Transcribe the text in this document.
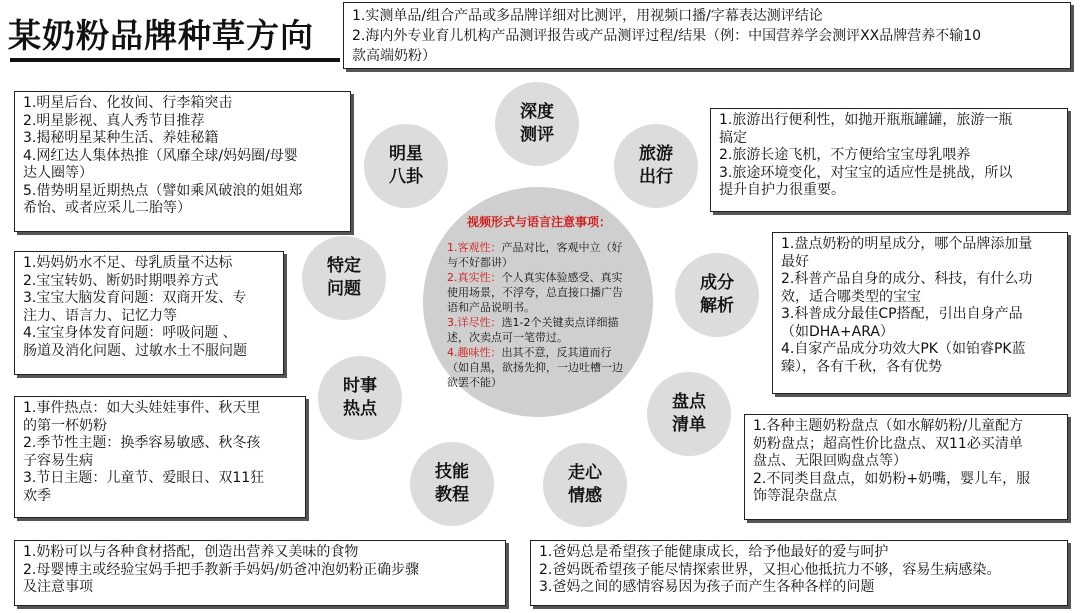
某奶粉品牌种草方向	1.实测单品/组合产品或多品牌详细对比测评，用视频口播/字幕表达测评结论
2.海内外专业育儿机构产品测评报告或产品测评过程/结果（例：中国营养学会测评XX品牌营养不输10
款高端奶粉）
视频形式与语言注意事项：

1.客观性：产品对比，客观中立（好与不好都讲）

2.真实性：个人真实体验感受、真实使用场景，不浮夸，总直接口播广告语和产品说明书。

3.详尽性：选1-2个关键卖点详细描述，次卖点可一笔带过。

4.趣味性：出其不意，反其道而行（如自黑，欲扬先抑，一边吐槽一边欲罢不能）

深度
测评
旅游
出行
成分
解析
盘点
清单
走心
情感
技能
教程
时事
热点
特定
问题
明星
八卦
1.明星后台、化妆间、行李箱突击
2.明星影视、真人秀节目推荐
3.揭秘明星某种生活、养娃秘籍
4.网红达人集体热推（风靡全球/妈妈圈/母婴
达人圈等）
5.借势明星近期热点（譬如乘风破浪的姐姐郑
希怡、或者应采儿二胎等）
1.妈妈奶水不足、母乳质量不达标
2.宝宝转奶、断奶时期喂养方式
3.宝宝大脑发育问题：双商开发、专
注力、语言力、记忆力等
4.宝宝身体发育问题：呼吸问题 、
肠道及消化问题、过敏水土不服问题
1.事件热点：如大头娃娃事件、秋天里
的第一杯奶粉
2.季节性主题：换季容易敏感、秋冬孩
子容易生病
3.节日主题：儿童节、爱眼日、双11狂
欢季
1.奶粉可以与各种食材搭配，创造出营养又美味的食物
2.母婴博主或经验宝妈手把手教新手妈妈/奶爸冲泡奶粉正确步骤
及注意事项
1.旅游出行便利性，如抛开瓶瓶罐罐，旅游一瓶
搞定
2.旅游长途飞机，不方便给宝宝母乳喂养
3.旅途环境变化，对宝宝的适应性是挑战，所以
提升自护力很重要。
1.盘点奶粉的明星成分，哪个品牌添加量
最好
2.科普产品自身的成分、科技，有什么功
效，适合哪类型的宝宝
3.科普成分最佳CP搭配，引出自身产品
（如DHA+ARA）
4.自家产品成分功效大PK（如铂睿PK蓝
臻），各有千秋，各有优势
1.各种主题奶粉盘点（如水解奶粉/儿童配方
奶粉盘点；超高性价比盘点、双11必买清单
盘点、无限回购盘点等）
2.不同类目盘点，如奶粉+奶嘴，婴儿车，服
饰等混杂盘点
1.爸妈总是希望孩子能健康成长，给予他最好的爱与呵护
2.爸妈既希望孩子能尽情探索世界，又担心他抵抗力不够，容易生病感染。
3.爸妈之间的感情容易因为孩子而产生各种各样的问题
